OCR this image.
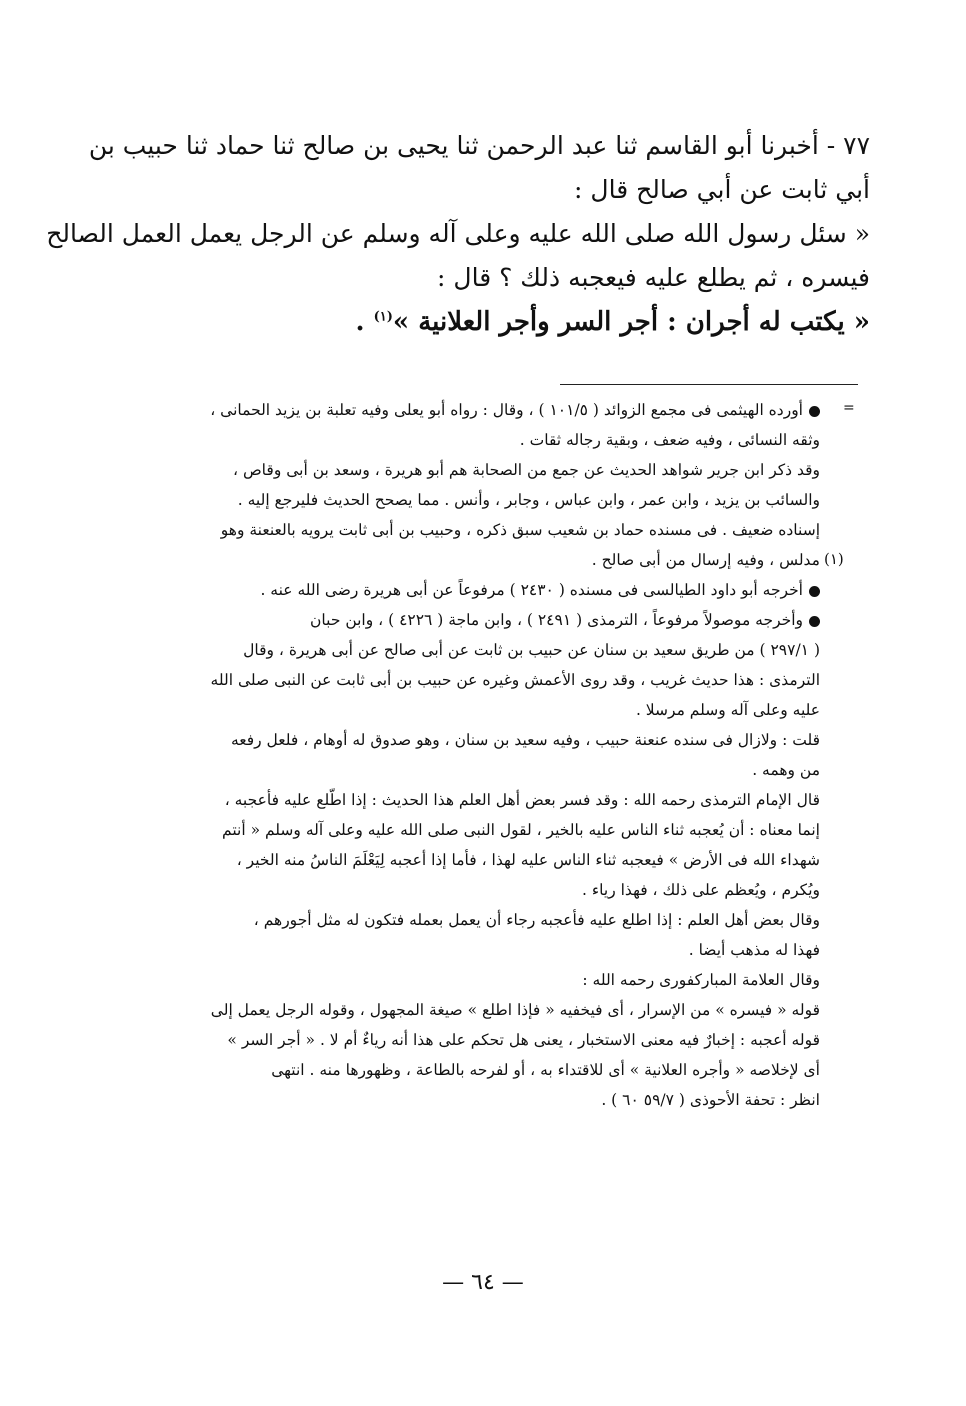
٧٧ - أخبرنا أبو القاسم ثنا عبد الرحمن ثنا يحيى بن صالح ثنا حماد ثنا حبيب بن

أبي ثابت عن أبي صالح قال :

« سئل رسول الله صلى الله عليه وعلى آله وسلم عن الرجل يعمل العمل الصالح

فيسره ، ثم يطلع عليه فيعجبه ذلك ؟ قال :

« يكتب له أجران : أجر السر وأجر العلانية »$^{(١)}$ .

=
(١)

أورده الهيثمى فى مجمع الزوائد ( ١٠١/٥ ) ، وقال : رواه أبو يعلى وفيه تعلبة بن يزيد الحمانى ،

وثقه النسائى ، وفيه ضعف ، وبقية رجاله ثقات .

وقد ذكر ابن جرير شواهد الحديث عن جمع من الصحابة هم أبو هريرة ، وسعد بن أبى وقاص ،

والسائب بن يزيد ، وابن عمر ، وابن عباس ، وجابر ، وأنس . مما يصحح الحديث فليرجع إليه .

إسناده ضعيف . فى مسنده حماد بن شعيب سبق ذكره ، وحبيب بن أبى ثابت يرويه بالعنعنة وهو

مدلس ، وفيه إرسال من أبى صالح .

أخرجه أبو داود الطيالسى فى مسنده ( ٢٤٣٠ ) مرفوعاً عن أبى هريرة رضى الله عنه .

وأخرجه موصولاً مرفوعاً ، الترمذى ( ٢٤٩١ ) ، وابن ماجة ( ٤٢٢٦ ) ، وابن حبان

( ٢٩٧/١ ) من طريق سعيد بن سنان عن حبيب بن ثابت عن أبى صالح عن أبى هريرة ، وقال

الترمذى : هذا حديث غريب ، وقد روى الأعمش وغيره عن حبيب بن أبى ثابت عن النبى صلى الله

عليه وعلى آله وسلم مرسلا .

قلت : ولازال فى سنده عنعنة حبيب ، وفيه سعيد بن سنان ، وهو صدوق له أوهام ، فلعل رفعه

من وهمه .

قال الإمام الترمذى رحمه الله : وقد فسر بعض أهل العلم هذا الحديث : إذا اطّلع عليه فأعجبه ،

إنما معناه : أن يُعجبه ثناء الناس عليه بالخير ، لقول النبى صلى الله عليه وعلى آله وسلم « أنتم

شهداء الله فى الأرض » فيعجبه ثناء الناس عليه لهذا ، فأما إذا أعجبه لِيَعْلَمَ الناسُ منه الخير ،

ويُكرم ، ويُعظم على ذلك ، فهذا رياء .

وقال بعض أهل العلم : إذا اطلع عليه فأعجبه رجاء أن يعمل بعمله فتكون له مثل أجورهم ،

فهذا له مذهب أيضا .

وقال العلامة المباركفورى رحمه الله :

قوله « فيسره » من الإسرار ، أى فيخفيه « فإذا اطلع » صيغة المجهول ، وقوله الرجل يعمل إلى

قوله أعجبه : إخبارٌ فيه معنى الاستخبار ، يعنى هل تحكم على هذا أنه رياءٌ أم لا . « أجر السر »

أى لإخلاصه « وأجره العلانية » أى للاقتداء به ، أو لفرحه بالطاعة ، وظهورها منه . انتهى

انظر : تحفة الأحوذى ( ٥٩/٧ ٦٠ ) .

— ٦٤ —
